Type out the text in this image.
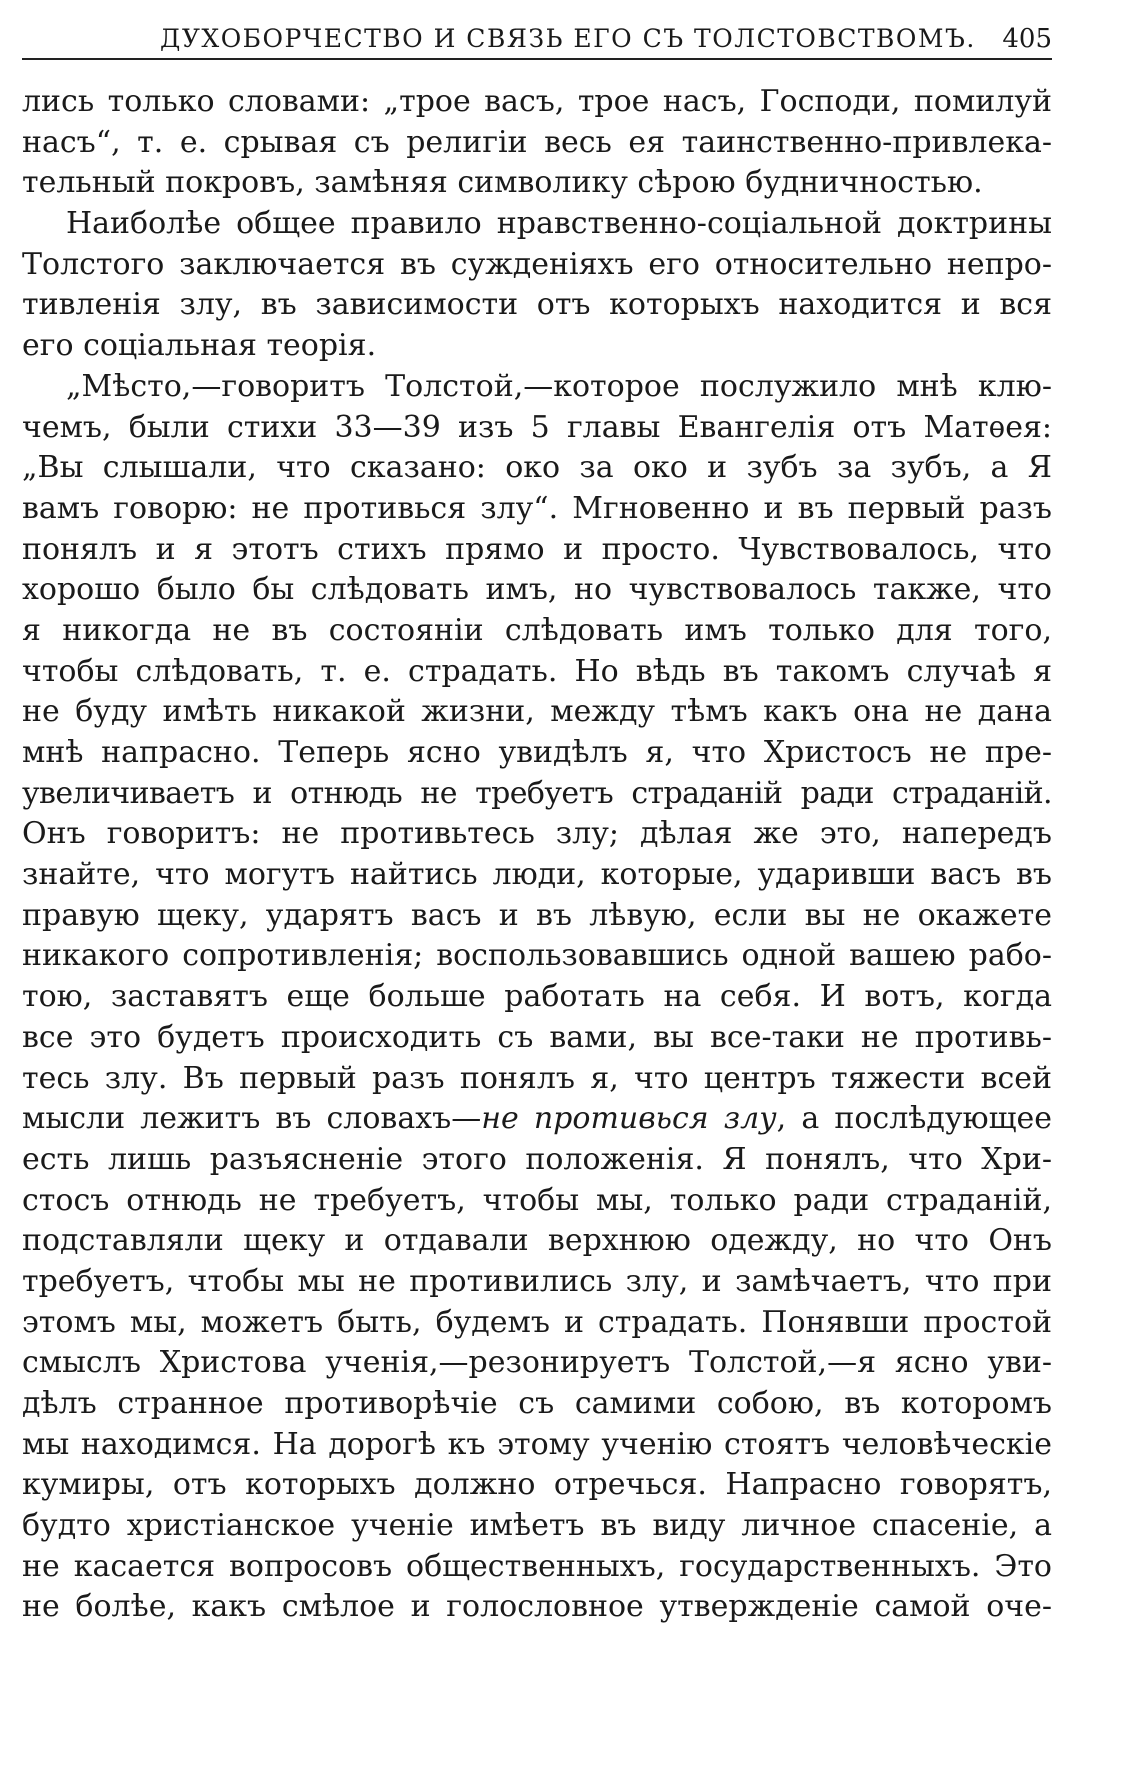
ДУХОБОРЧЕСТВО И СВЯЗЬ ЕГО СЪ ТОЛСТОВСТВОМЪ. 405
лись только словами: „трое васъ, трое насъ, Господи, помилуй
насъ“, т. е. срывая съ религіи весь ея таинственно-привлека-
тельный покровъ, замѣняя символику сѣрою будничностью.
Наиболѣе общее правило нравственно-соціальной доктрины
Толстого заключается въ сужденіяхъ его относительно непро-
тивленія злу, въ зависимости отъ которыхъ находится и вся
его соціальная теорія.
„Мѣсто,—говоритъ Толстой,—которое послужило мнѣ клю-
чемъ, были стихи 33—39 изъ 5 главы Евангелія отъ Матѳея:
„Вы слышали, что сказано: око за око и зубъ за зубъ, а Я
вамъ говорю: не противься злу“. Мгновенно и въ первый разъ
понялъ и я этотъ стихъ прямо и просто. Чувствовалось, что
хорошо было бы слѣдовать имъ, но чувствовалось также, что
я никогда не въ состояніи слѣдовать имъ только для того,
чтобы слѣдовать, т. е. страдать. Но вѣдь въ такомъ случаѣ я
не буду имѣть никакой жизни, между тѣмъ какъ она не дана
мнѣ напрасно. Теперь ясно увидѣлъ я, что Христосъ не пре-
увеличиваетъ и отнюдь не требуетъ страданій ради страданій.
Онъ говоритъ: не противьтесь злу; дѣлая же это, напередъ
знайте, что могутъ найтись люди, которые, ударивши васъ въ
правую щеку, ударятъ васъ и въ лѣвую, если вы не окажете
никакого сопротивленія; воспользовавшись одной вашею рабо-
тою, заставятъ еще больше работать на себя. И вотъ, когда
все это будетъ происходить съ вами, вы все-таки не противь-
тесь злу. Въ первый разъ понялъ я, что центръ тяжести всей
мысли лежитъ въ словахъ—не противься злу, а послѣдующее
есть лишь разъясненіе этого положенія. Я понялъ, что Хри-
стосъ отнюдь не требуетъ, чтобы мы, только ради страданій,
подставляли щеку и отдавали верхнюю одежду, но что Онъ
требуетъ, чтобы мы не противились злу, и замѣчаетъ, что при
этомъ мы, можетъ быть, будемъ и страдать. Понявши простой
смыслъ Христова ученія,—резонируетъ Толстой,—я ясно уви-
дѣлъ странное противорѣчіе съ самими собою, въ которомъ
мы находимся. На дорогѣ къ этому ученію стоятъ человѣческіе
кумиры, отъ которыхъ должно отречься. Напрасно говорятъ,
будто христіанское ученіе имѣетъ въ виду личное спасеніе, а
не касается вопросовъ общественныхъ, государственныхъ. Это
не болѣе, какъ смѣлое и голословное утвержденіе самой оче-
